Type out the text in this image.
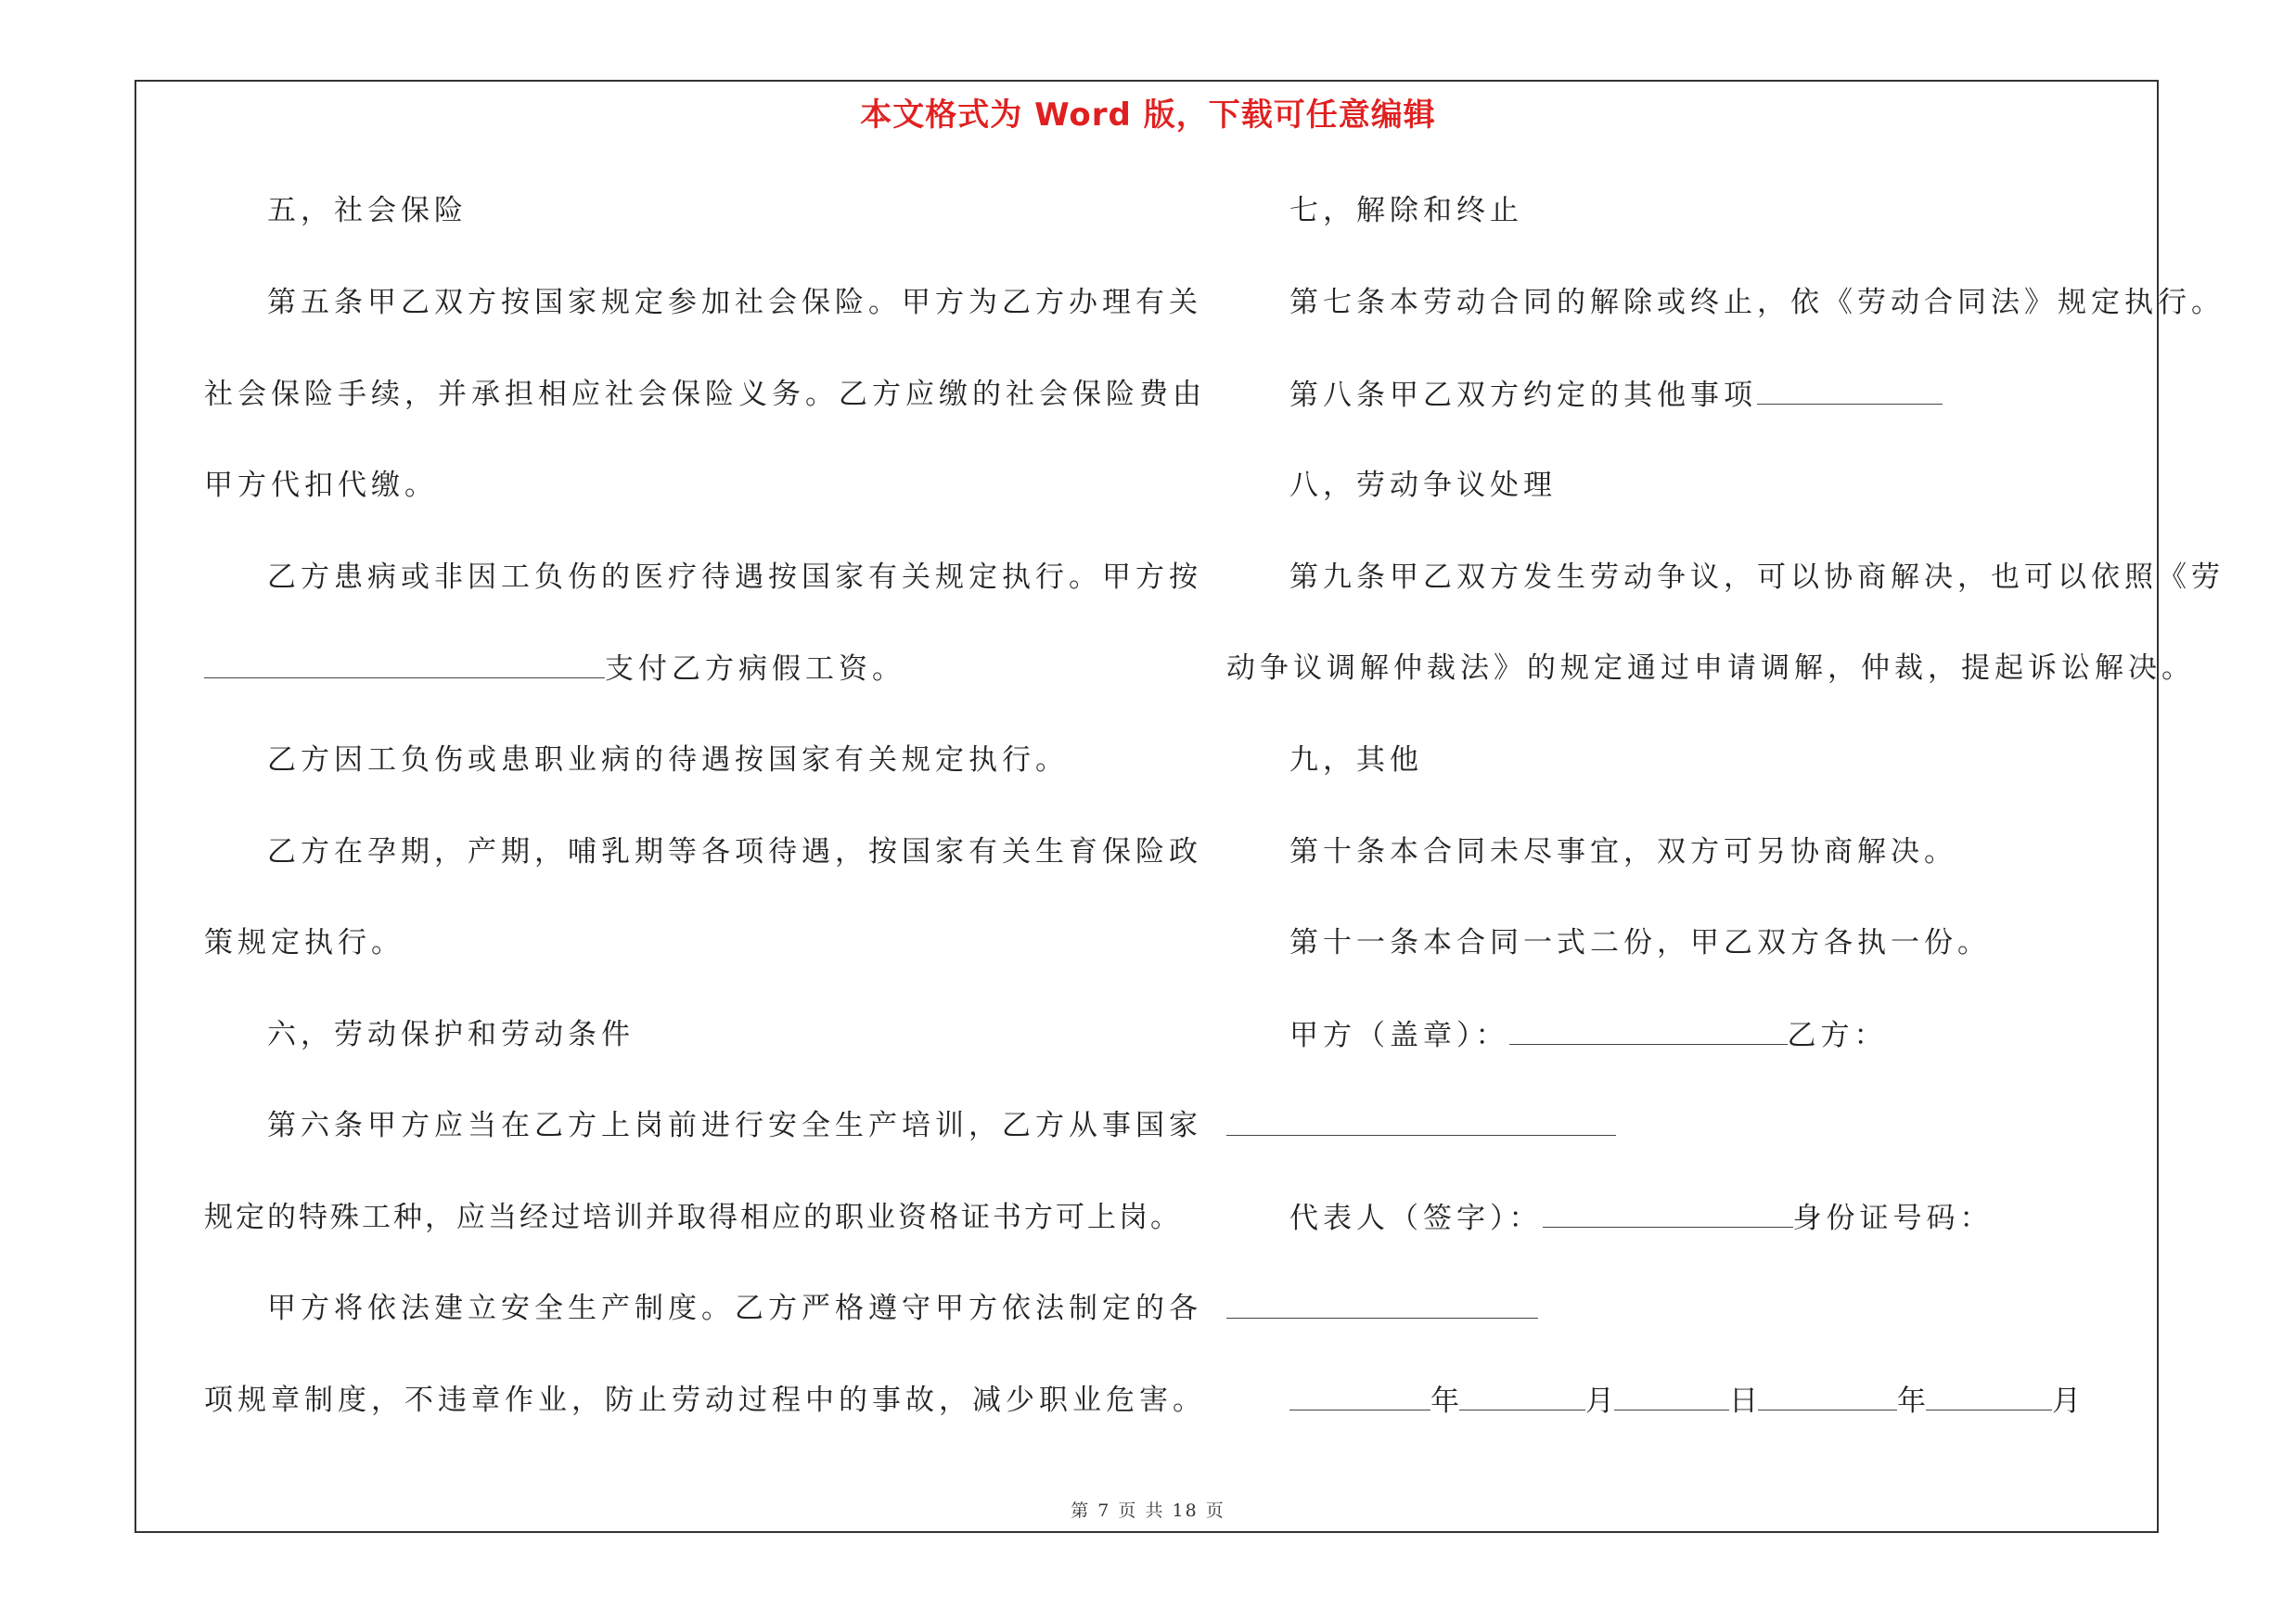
本文格式为 Word 版，下载可任意编辑
五，社会保险
第五条甲乙双方按国家规定参加社会保险。甲方为乙方办理有关
社会保险手续，并承担相应社会保险义务。乙方应缴的社会保险费由
甲方代扣代缴。
乙方患病或非因工负伤的医疗待遇按国家有关规定执行。甲方按
支付乙方病假工资。
乙方因工负伤或患职业病的待遇按国家有关规定执行。
乙方在孕期，产期，哺乳期等各项待遇，按国家有关生育保险政
策规定执行。
六，劳动保护和劳动条件
第六条甲方应当在乙方上岗前进行安全生产培训，乙方从事国家
规定的特殊工种，应当经过培训并取得相应的职业资格证书方可上岗。
甲方将依法建立安全生产制度。乙方严格遵守甲方依法制定的各
项规章制度，不违章作业，防止劳动过程中的事故，减少职业危害。
七，解除和终止
第七条本劳动合同的解除或终止，依《劳动合同法》规定执行。
第八条甲乙双方约定的其他事项
八，劳动争议处理
第九条甲乙双方发生劳动争议，可以协商解决，也可以依照《劳
动争议调解仲裁法》的规定通过申请调解，仲裁，提起诉讼解决。
九，其他
第十条本合同未尽事宜，双方可另协商解决。
第十一条本合同一式二份，甲乙双方各执一份。
甲方（盖章）：	乙方：
代表人（签字）：	身份证号码：
年	月	日	年	月
第 7 页 共 18 页
